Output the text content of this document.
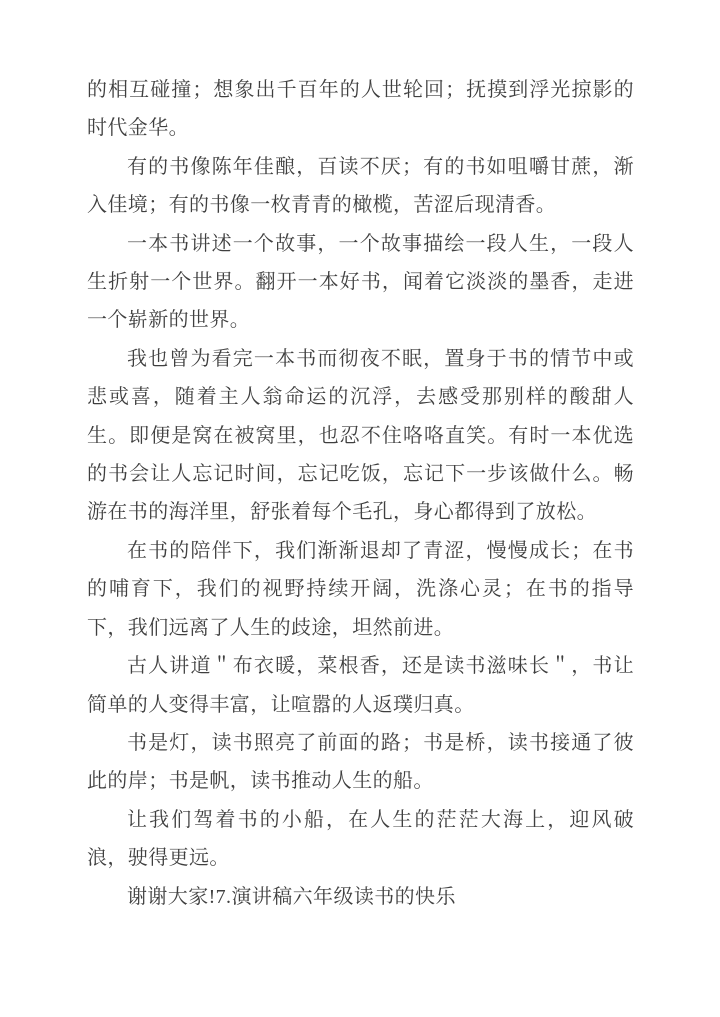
的相互碰撞；想象出千百年的人世轮回；抚摸到浮光掠影的时代金华。

有的书像陈年佳酿，百读不厌；有的书如咀嚼甘蔗，渐入佳境；有的书像一枚青青的橄榄，苦涩后现清香。

一本书讲述一个故事，一个故事描绘一段人生，一段人生折射一个世界。翻开一本好书，闻着它淡淡的墨香，走进一个崭新的世界。

我也曾为看完一本书而彻夜不眠，置身于书的情节中或悲或喜，随着主人翁命运的沉浮，去感受那别样的酸甜人生。即便是窝在被窝里，也忍不住咯咯直笑。有时一本优选的书会让人忘记时间，忘记吃饭，忘记下一步该做什么。畅游在书的海洋里，舒张着每个毛孔，身心都得到了放松。

在书的陪伴下，我们渐渐退却了青涩，慢慢成长；在书的哺育下，我们的视野持续开阔，洗涤心灵；在书的指导下，我们远离了人生的歧途，坦然前进。

古人讲道＂布衣暖，菜根香，还是读书滋味长＂，书让简单的人变得丰富，让喧嚣的人返璞归真。

书是灯，读书照亮了前面的路；书是桥，读书接通了彼此的岸；书是帆，读书推动人生的船。

让我们驾着书的小船，在人生的茫茫大海上，迎风破浪，驶得更远。

谢谢大家!7.演讲稿六年级读书的快乐
